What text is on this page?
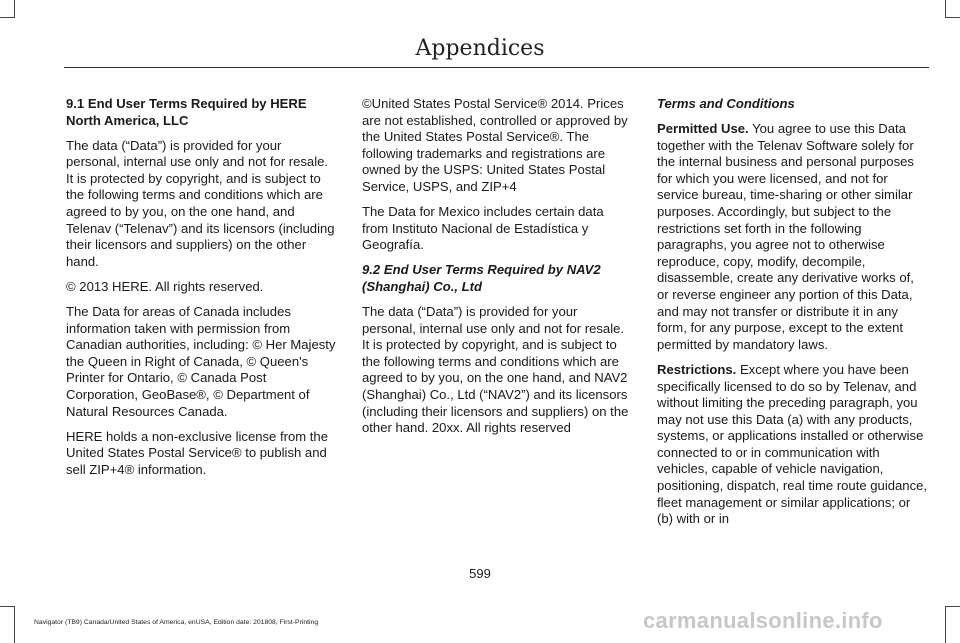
Appendices

9.1 End User Terms Required by HERE North America, LLC

The data (“Data”) is provided for your personal, internal use only and not for resale. It is protected by copyright, and is subject to the following terms and conditions which are agreed to by you, on the one hand, and Telenav (“Telenav”) and its licensors (including their licensors and suppliers) on the other hand.

© 2013 HERE. All rights reserved.

The Data for areas of Canada includes information taken with permission from Canadian authorities, including: © Her Majesty the Queen in Right of Canada, © Queen's Printer for Ontario, © Canada Post Corporation, GeoBase®, © Department of Natural Resources Canada.

HERE holds a non-exclusive license from the United States Postal Service® to publish and sell ZIP+4® information.

©United States Postal Service® 2014. Prices are not established, controlled or approved by the United States Postal Service®. The following trademarks and registrations are owned by the USPS: United States Postal Service, USPS, and ZIP+4

The Data for Mexico includes certain data from Instituto Nacional de Estadística y Geografía.

9.2 End User Terms Required by NAV2 (Shanghai) Co., Ltd

The data (“Data”) is provided for your personal, internal use only and not for resale. It is protected by copyright, and is subject to the following terms and conditions which are agreed to by you, on the one hand, and NAV2 (Shanghai) Co., Ltd (“NAV2”) and its licensors (including their licensors and suppliers) on the other hand. 20xx. All rights reserved

Terms and Conditions

Permitted Use. You agree to use this Data together with the Telenav Software solely for the internal business and personal purposes for which you were licensed, and not for service bureau, time-sharing or other similar purposes. Accordingly, but subject to the restrictions set forth in the following paragraphs, you agree not to otherwise reproduce, copy, modify, decompile, disassemble, create any derivative works of, or reverse engineer any portion of this Data, and may not transfer or distribute it in any form, for any purpose, except to the extent permitted by mandatory laws.

Restrictions. Except where you have been specifically licensed to do so by Telenav, and without limiting the preceding paragraph, you may not use this Data (a) with any products, systems, or applications installed or otherwise connected to or in communication with vehicles, capable of vehicle navigation, positioning, dispatch, real time route guidance, fleet management or similar applications; or (b) with or in

599
Navigator (TB9) Canada/United States of America, enUSA, Edition date: 201808, First-Printing	carmanualsonline.info
